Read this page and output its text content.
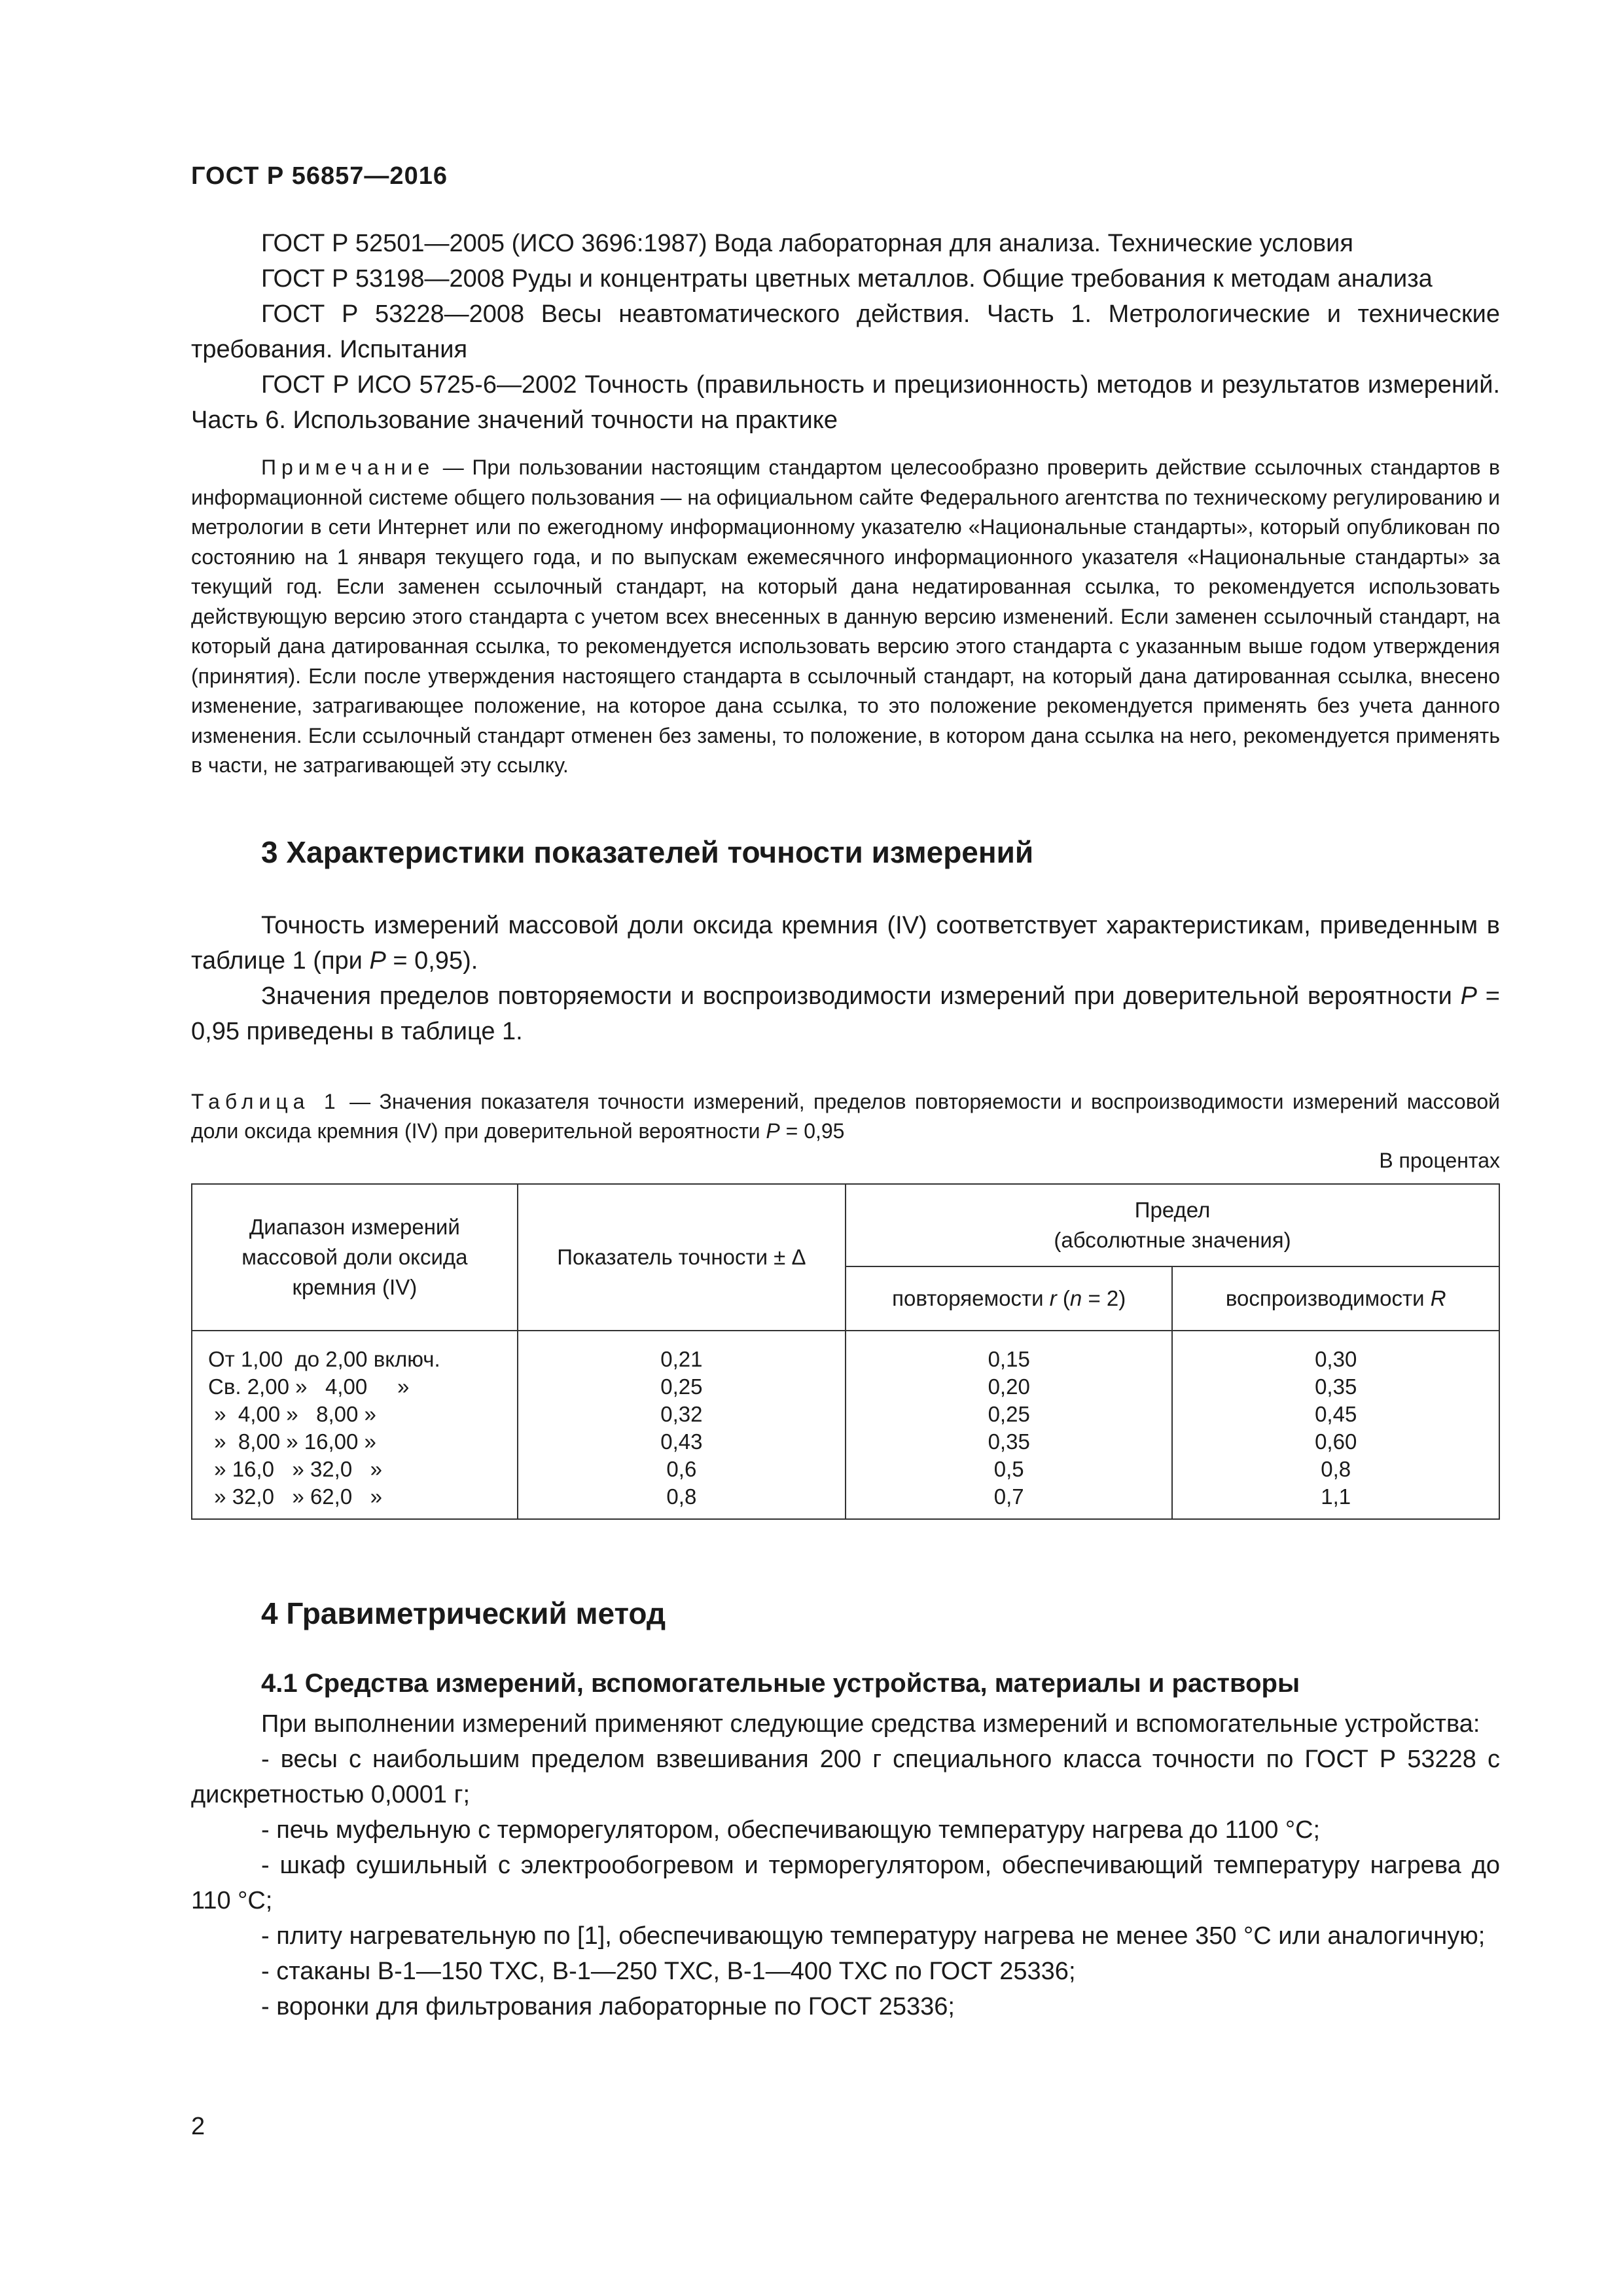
ГОСТ Р 56857—2016

ГОСТ Р 52501—2005 (ИСО 3696:1987) Вода лабораторная для анализа. Технические условия

ГОСТ Р 53198—2008 Руды и концентраты цветных металлов. Общие требования к методам анализа

ГОСТ Р 53228—2008 Весы неавтоматического действия. Часть 1. Метрологические и технические требования. Испытания

ГОСТ Р ИСО 5725-6—2002 Точность (правильность и прецизионность) методов и результатов измерений. Часть 6. Использование значений точности на практике

Примечание — При пользовании настоящим стандартом целесообразно проверить действие ссылочных стандартов в информационной системе общего пользования — на официальном сайте Федерального агентства по техническому регулированию и метрологии в сети Интернет или по ежегодному информационному указателю «Национальные стандарты», который опубликован по состоянию на 1 января текущего года, и по выпускам ежемесячного информационного указателя «Национальные стандарты» за текущий год. Если заменен ссылочный стандарт, на который дана недатированная ссылка, то рекомендуется использовать действующую версию этого стандарта с учетом всех внесенных в данную версию изменений. Если заменен ссылочный стандарт, на который дана датированная ссылка, то рекомендуется использовать версию этого стандарта с указанным выше годом утверждения (принятия). Если после утверждения настоящего стандарта в ссылочный стандарт, на который дана датированная ссылка, внесено изменение, затрагивающее положение, на которое дана ссылка, то это положение рекомендуется применять без учета данного изменения. Если ссылочный стандарт отменен без замены, то положение, в котором дана ссылка на него, рекомендуется применять в части, не затрагивающей эту ссылку.

3 Характеристики показателей точности измерений

Точность измерений массовой доли оксида кремния (IV) соответствует характеристикам, приведенным в таблице 1 (при P = 0,95).

Значения пределов повторяемости и воспроизводимости измерений при доверительной вероятности P = 0,95 приведены в таблице 1.

Таблица 1 — Значения показателя точности измерений, пределов повторяемости и воспроизводимости измерений массовой доли оксида кремния (IV) при доверительной вероятности P = 0,95

В процентах
Диапазон измерений массовой доли оксида кремния (IV)	Показатель точности ± Δ	Предел
(абсолютные значения)	
		повторяемости r (n = 2)	воспроизводимости R
От 1,00  до 2,00 включ.	0,21	0,15	0,30
Св. 2,00 »   4,00     »	0,25	0,20	0,35
»  4,00 »   8,00 »	0,32	0,25	0,45
»  8,00 » 16,00 »	0,43	0,35	0,60
» 16,0   » 32,0   »	0,6	0,5	0,8
» 32,0   » 62,0   »	0,8	0,7	1,1
4 Гравиметрический метод
4.1 Средства измерений, вспомогательные устройства, материалы и растворы

При выполнении измерений применяют следующие средства измерений и вспомогательные устройства:

- весы с наибольшим пределом взвешивания 200 г специального класса точности по ГОСТ Р 53228 с дискретностью 0,0001 г;

- печь муфельную с терморегулятором, обеспечивающую температуру нагрева до 1100 °С;

- шкаф сушильный с электрообогревом и терморегулятором, обеспечивающий температуру нагрева до 110 °С;

- плиту нагревательную по [1], обеспечивающую температуру нагрева не менее 350 °С или аналогичную;

- стаканы В-1—150 ТХС, В-1—250 ТХС, В-1—400 ТХС по ГОСТ 25336;

- воронки для фильтрования лабораторные по ГОСТ 25336;

2
